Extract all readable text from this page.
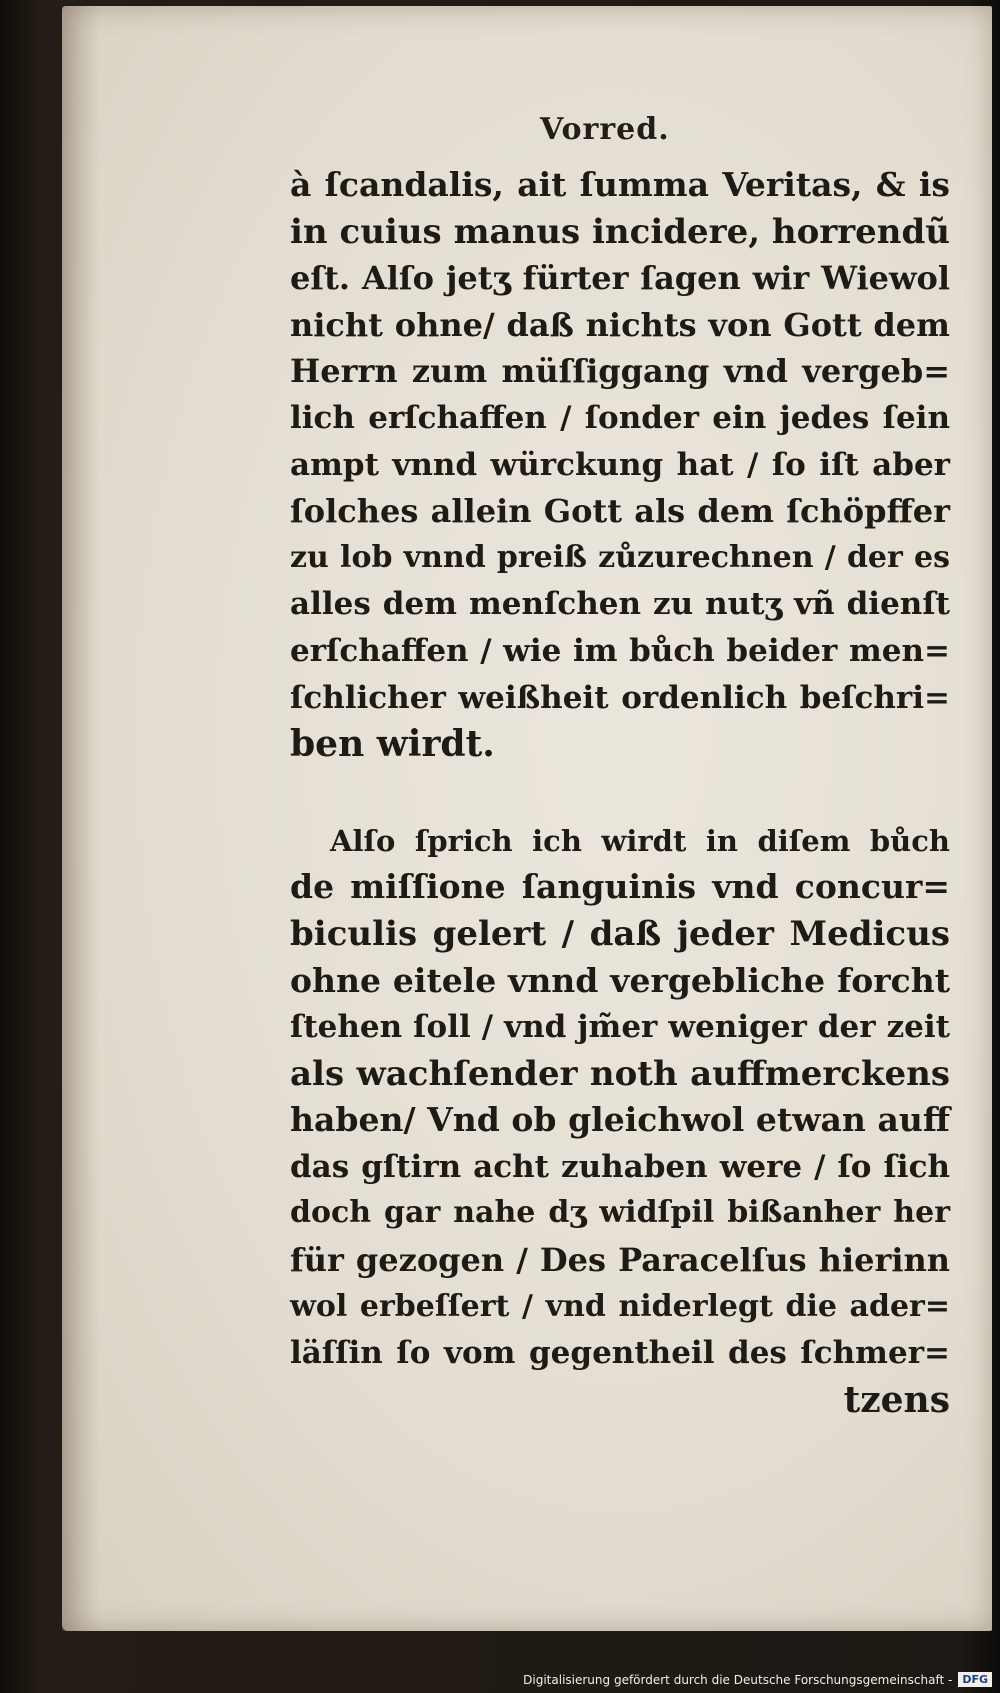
Vorred.
à ſcandalis, ait ſumma Veritas, & is
in cuius manus incidere, horrendũ
eſt. Alſo jetʒ fürter ſagen wir Wiewol
nicht ohne/ daß nichts von Gott dem
Herrn zum müſſiggang vnd vergeb=
lich erſchaffen / ſonder ein jedes ſein
ampt vnnd würckung hat / ſo iſt aber
ſolches allein Gott als dem ſchöpffer
zu lob vnnd preiß zůzurechnen / der es
alles dem menſchen zu nutʒ vñ dienſt
erſchaffen / wie im bůch beider men=
ſchlicher weißheit ordenlich beſchri=
ben wirdt.
Alſo ſprich ich wirdt in diſem bůch
de miſſione ſanguinis vnd concur=
biculis gelert / daß jeder Medicus
ohne eitele vnnd vergebliche forcht
ſtehen ſoll / vnd jm̃er weniger der zeit
als wachſender noth auffmerckens
haben/ Vnd ob gleichwol etwan auff
das gſtirn acht zuhaben were / ſo ſich
doch gar nahe dʒ widſpil bißanher her
für gezogen / Des Paracelſus hierinn
wol erbeſſert / vnd niderlegt die ader=
läſſin ſo vom gegentheil des ſchmer=
tzens
Digitalisierung gefördert durch die Deutsche Forschungsgemeinschaft - DFG
